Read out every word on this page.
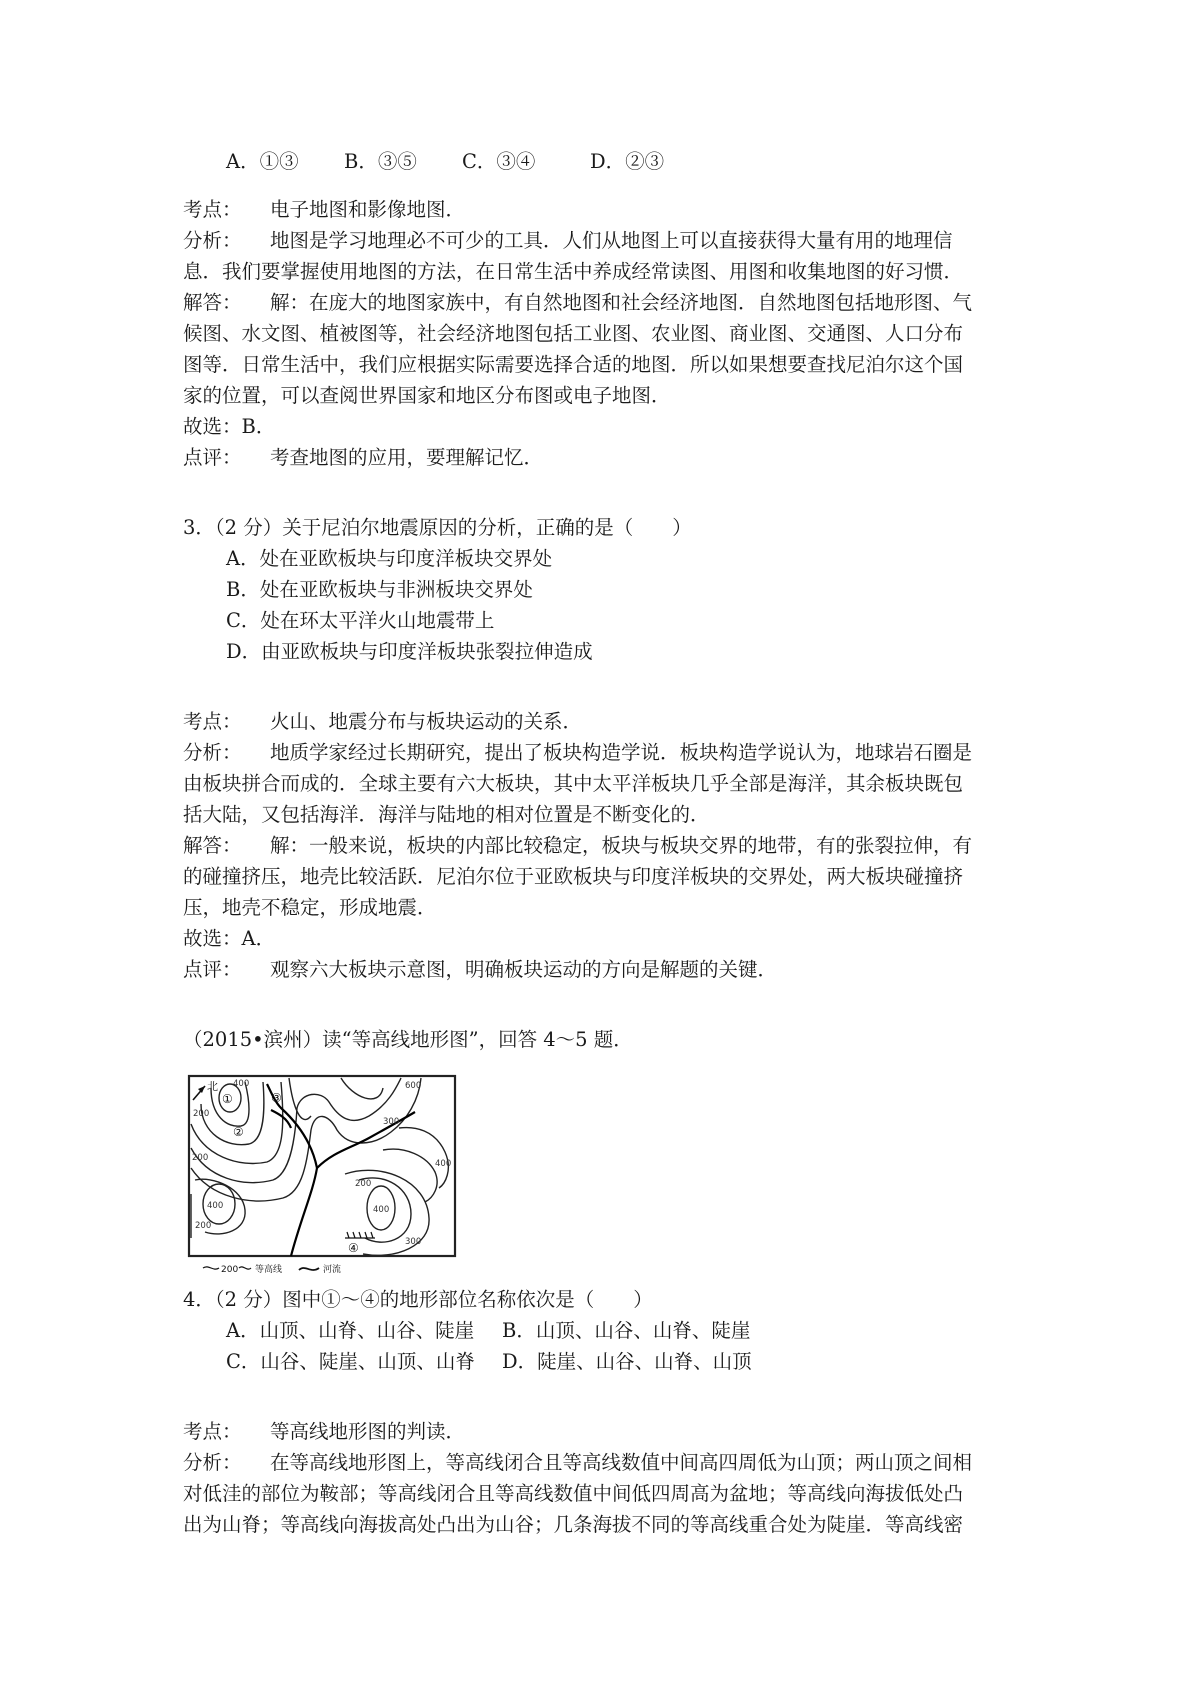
A．①③ B．③⑤ C．③④	D．②③
考点： 电子地图和影像地图．
分析： 地图是学习地理必不可少的工具．人们从地图上可以直接获得大量有用的地理信
息．我们要掌握使用地图的方法，在日常生活中养成经常读图、用图和收集地图的好习惯．
解答： 解：在庞大的地图家族中，有自然地图和社会经济地图．自然地图包括地形图、气
候图、水文图、植被图等，社会经济地图包括工业图、农业图、商业图、交通图、人口分布
图等．日常生活中，我们应根据实际需要选择合适的地图．所以如果想要查找尼泊尔这个国
家的位置，可以查阅世界国家和地区分布图或电子地图．
故选：B．
点评： 考查地图的应用，要理解记忆．
3．（2 分）关于尼泊尔地震原因的分析，正确的是（　　）
A．处在亚欧板块与印度洋板块交界处
B．处在亚欧板块与非洲板块交界处
C．处在环太平洋火山地震带上
D．由亚欧板块与印度洋板块张裂拉伸造成
考点： 火山、地震分布与板块运动的关系．
分析： 地质学家经过长期研究，提出了板块构造学说．板块构造学说认为，地球岩石圈是
由板块拼合而成的．全球主要有六大板块，其中太平洋板块几乎全部是海洋，其余板块既包
括大陆，又包括海洋．海洋与陆地的相对位置是不断变化的．
解答： 解：一般来说，板块的内部比较稳定，板块与板块交界的地带，有的张裂拉伸，有
的碰撞挤压，地壳比较活跃．尼泊尔位于亚欧板块与印度洋板块的交界处，两大板块碰撞挤
压，地壳不稳定，形成地震．
故选：A．
点评： 观察六大板块示意图，明确板块运动的方向是解题的关键．
（2015•滨州）读“等高线地形图”，回答 4～5 题．
北
①
②
③
④
200
400	600
300
200
400
400
200
400
200
300
200 等高线	河流
4．（2 分）图中①～④的地形部位名称依次是（　　）
A．山顶、山脊、山谷、陡崖 B．山顶、山谷、山脊、陡崖
C．山谷、陡崖、山顶、山脊 D．陡崖、山谷、山脊、山顶
考点： 等高线地形图的判读．
分析： 在等高线地形图上，等高线闭合且等高线数值中间高四周低为山顶；两山顶之间相
对低洼的部位为鞍部；等高线闭合且等高线数值中间低四周高为盆地；等高线向海拔低处凸
出为山脊；等高线向海拔高处凸出为山谷；几条海拔不同的等高线重合处为陡崖．等高线密
